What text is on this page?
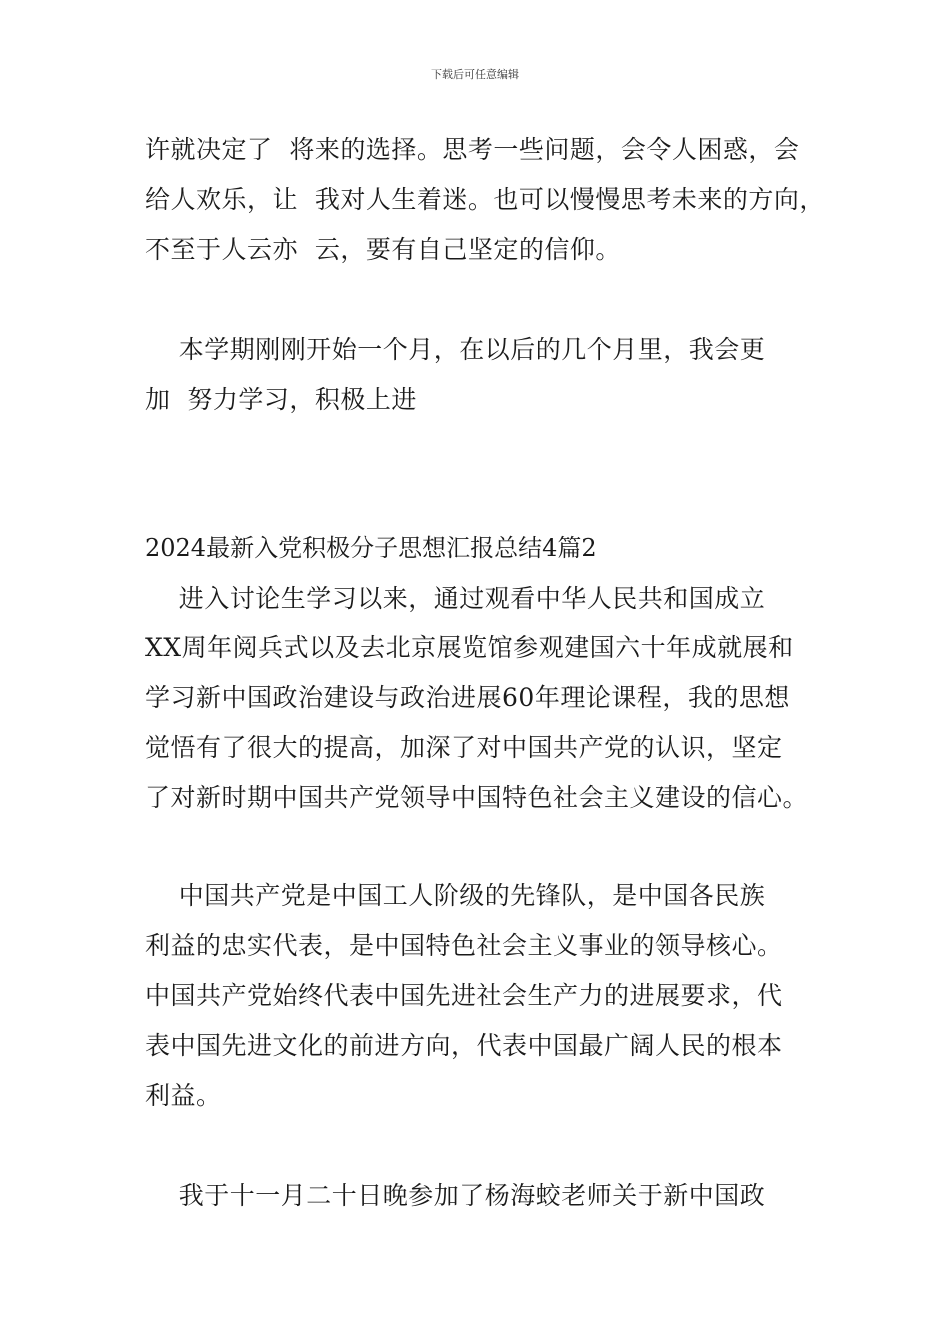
下载后可任意编辑
许就决定了  将来的选择。思考一些问题，会令人困惑，会
给人欢乐，让  我对人生着迷。也可以慢慢思考未来的方向，
不至于人云亦  云，要有自己坚定的信仰。
本学期刚刚开始一个月，在以后的几个月里，我会更
加  努力学习，积极上进
2024最新入党积极分子思想汇报总结4篇2
进入讨论生学习以来，通过观看中华人民共和国成立
XX周年阅兵式以及去北京展览馆参观建国六十年成就展和
学习新中国政治建设与政治进展60年理论课程，我的思想
觉悟有了很大的提高，加深了对中国共产党的认识，坚定
了对新时期中国共产党领导中国特色社会主义建设的信心。
中国共产党是中国工人阶级的先锋队，是中国各民族
利益的忠实代表，是中国特色社会主义事业的领导核心。
中国共产党始终代表中国先进社会生产力的进展要求，代
表中国先进文化的前进方向，代表中国最广阔人民的根本
利益。
我于十一月二十日晚参加了杨海蛟老师关于新中国政
